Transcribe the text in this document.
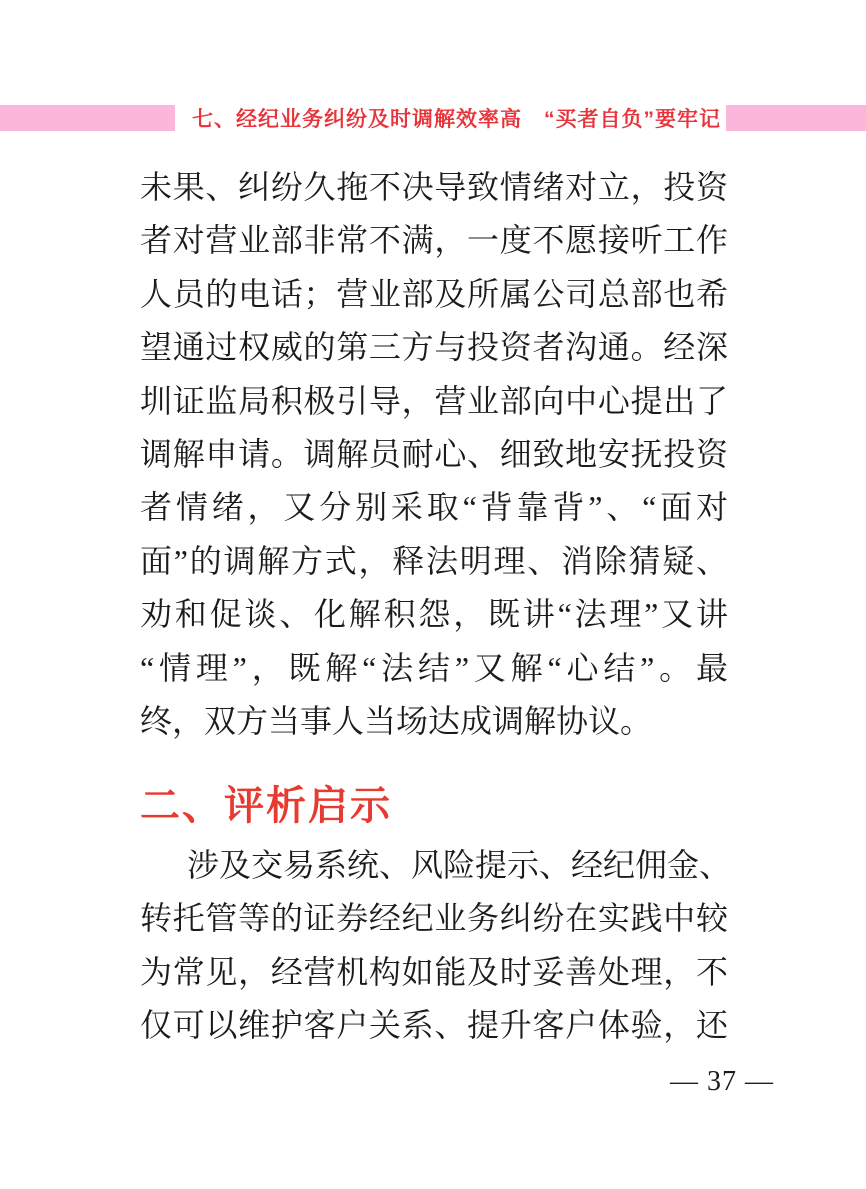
七、经纪业务纠纷及时调解效率高　“买者自负”要牢记
未果、纠纷久拖不决导致情绪对立，投资
者对营业部非常不满，一度不愿接听工作
人员的电话；营业部及所属公司总部也希
望通过权威的第三方与投资者沟通。经深
圳证监局积极引导，营业部向中心提出了
调解申请。调解员耐心、细致地安抚投资
者情绪，又分别采取“背靠背”、“面对
面”的调解方式，释法明理、消除猜疑、
劝和促谈、化解积怨，既讲“法理”又讲
“情理”，既解“法结”又解“心结”。最
终，双方当事人当场达成调解协议。
二、评析启示
涉及交易系统、风险提示、经纪佣金、
转托管等的证券经纪业务纠纷在实践中较
为常见，经营机构如能及时妥善处理，不
仅可以维护客户关系、提升客户体验，还
— 37 —
